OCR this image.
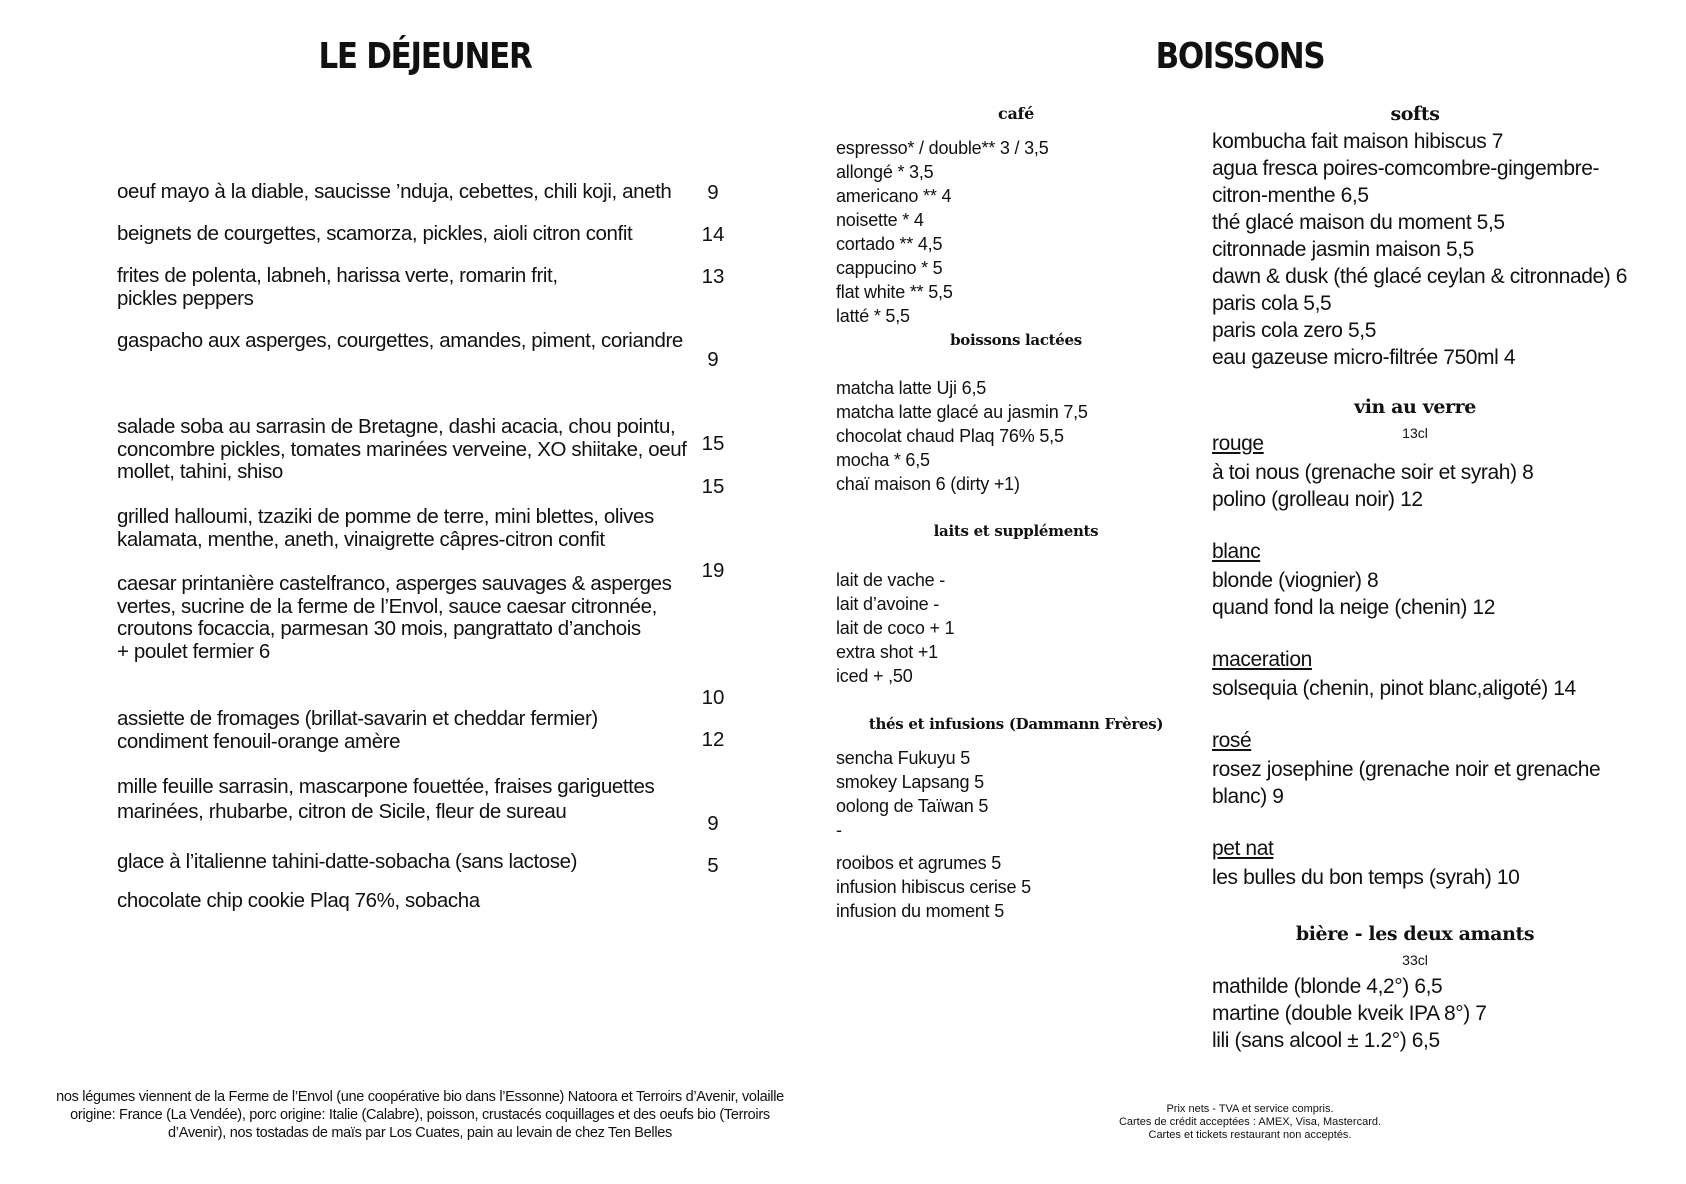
LE DÉJEUNER	BOISSONS
oeuf mayo à la diable, saucisse ’nduja, cebettes, chili koji, aneth
beignets de courgettes, scamorza, pickles, aioli citron confit
frites de polenta, labneh, harissa verte, romarin frit,
pickles peppers
gaspacho aux asperges, courgettes, amandes, piment, coriandre
salade soba au sarrasin de Bretagne, dashi acacia, chou pointu,
concombre pickles, tomates marinées verveine, XO shiitake, oeuf
mollet, tahini, shiso
grilled halloumi, tzaziki de pomme de terre, mini blettes, olives
kalamata, menthe, aneth, vinaigrette câpres-citron confit
caesar printanière castelfranco, asperges sauvages & asperges
vertes, sucrine de la ferme de l’Envol, sauce caesar citronnée,
croutons focaccia, parmesan 30 mois, pangrattato d’anchois
+ poulet fermier 6
assiette de fromages (brillat-savarin et cheddar fermier)
condiment fenouil-orange amère
mille feuille sarrasin, mascarpone fouettée, fraises gariguettes
marinées, rhubarbe, citron de Sicile, fleur de sureau
glace à l’italienne tahini-datte-sobacha (sans lactose)
chocolate chip cookie Plaq 76%, sobacha
9
14
13
9
15
15
19
10
12
9
5
café
espresso* / double** 3 / 3,5
allongé * 3,5
americano ** 4
noisette * 4
cortado ** 4,5
cappucino * 5
flat white ** 5,5
latté * 5,5
boissons lactées
matcha latte Uji 6,5
matcha latte glacé au jasmin 7,5
chocolat chaud Plaq 76% 5,5
mocha * 6,5
chaï maison 6 (dirty +1)
laits et suppléments
lait de vache -
lait d’avoine -
lait de coco + 1
extra shot +1
iced + ,50
thés et infusions (Dammann Frères)
sencha Fukuyu 5
smokey Lapsang 5
oolong de Taïwan 5
-
rooibos et agrumes 5
infusion hibiscus cerise 5
infusion du moment 5
softs
kombucha fait maison hibiscus 7
agua fresca poires-comcombre-gingembre-
citron-menthe 6,5
thé glacé maison du moment 5,5
citronnade jasmin maison 5,5
dawn & dusk (thé glacé ceylan & citronnade) 6
paris cola 5,5
paris cola zero 5,5
eau gazeuse micro-filtrée 750ml 4
vin au verre
13cl
rouge
à toi nous (grenache soir et syrah) 8
polino (grolleau noir) 12
blanc
blonde (viognier) 8
quand fond la neige (chenin) 12
maceration
solsequia (chenin, pinot blanc,aligoté) 14
rosé
rosez josephine (grenache noir et grenache
blanc) 9
pet nat
les bulles du bon temps (syrah) 10
bière - les deux amants
33cl
mathilde (blonde 4,2°) 6,5
martine (double kveik IPA 8°) 7
lili (sans alcool ± 1.2°) 6,5
nos légumes viennent de la Ferme de l’Envol (une coopérative bio dans l’Essonne) Natoora et Terroirs d’Avenir, volaille origine: France (La Vendée), porc origine: Italie (Calabre), poisson, crustacés coquillages et des oeufs bio (Terroirs d’Avenir), nos tostadas de maïs par Los Cuates, pain au levain de chez Ten Belles
Prix nets - TVA et service compris.
Cartes de crédit acceptées : AMEX, Visa, Mastercard.
Cartes et tickets restaurant non acceptés.
